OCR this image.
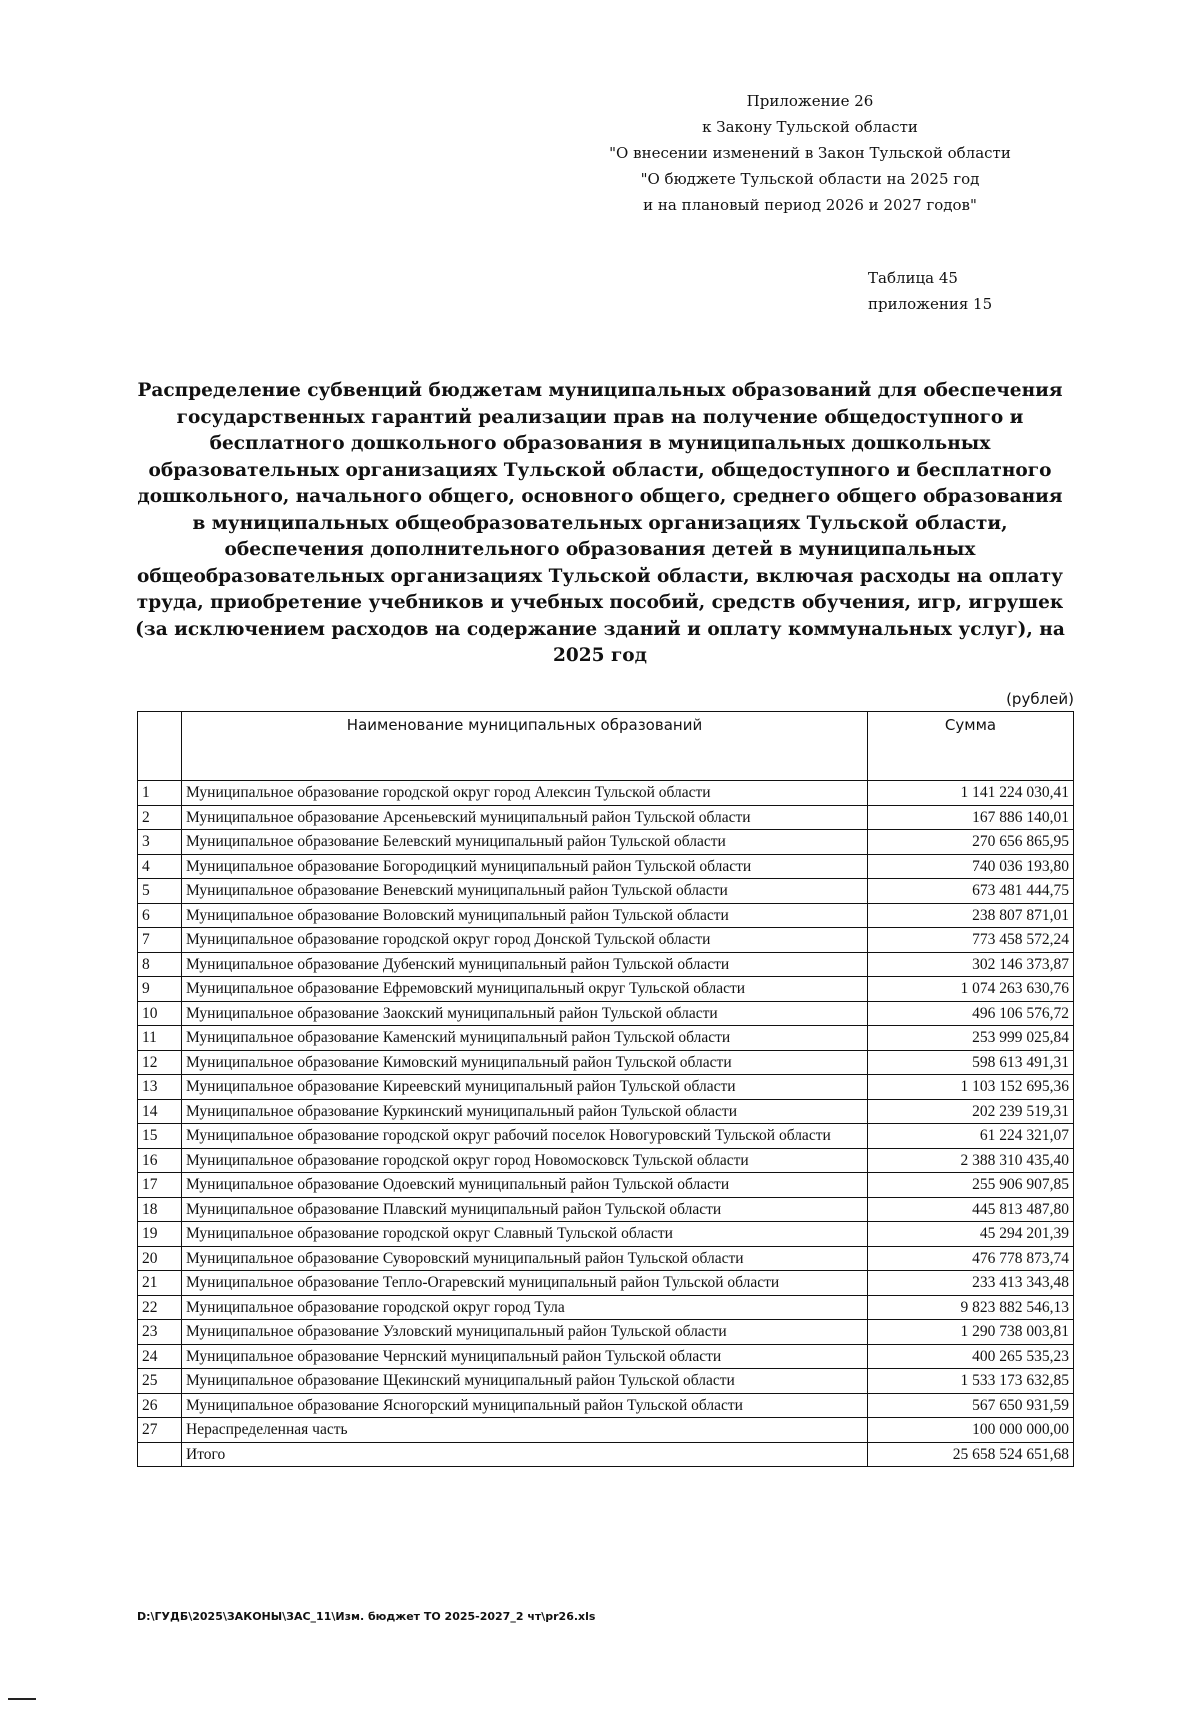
Приложение 26
к Закону Тульской области
"О внесении изменений в Закон Тульской области
"О бюджете Тульской области на 2025 год
и на плановый период 2026 и 2027 годов"
Таблица 45
приложения 15
Распределение субвенций бюджетам муниципальных образований для обеспечения государственных гарантий реализации прав на получение общедоступного и бесплатного дошкольного образования в муниципальных дошкольных образовательных организациях Тульской области, общедоступного и бесплатного дошкольного, начального общего, основного общего, среднего общего образования в муниципальных общеобразовательных организациях Тульской области, обеспечения дополнительного образования детей в муниципальных общеобразовательных организациях Тульской области, включая расходы на оплату труда, приобретение учебников и учебных пособий, средств обучения, игр, игрушек (за исключением расходов на содержание зданий и оплату коммунальных услуг), на 2025 год
(рублей)
	Наименование муниципальных образований	Сумма
1	Муниципальное образование городской округ город Алексин Тульской области	1 141 224 030,41
2	Муниципальное образование Арсеньевский муниципальный район Тульской области	167 886 140,01
3	Муниципальное образование Белевский муниципальный район Тульской области	270 656 865,95
4	Муниципальное образование Богородицкий муниципальный район Тульской области	740 036 193,80
5	Муниципальное образование Веневский муниципальный район Тульской области	673 481 444,75
6	Муниципальное образование Воловский муниципальный район Тульской области	238 807 871,01
7	Муниципальное образование городской округ город Донской Тульской области	773 458 572,24
8	Муниципальное образование Дубенский муниципальный район Тульской области	302 146 373,87
9	Муниципальное образование Ефремовский муниципальный округ Тульской области	1 074 263 630,76
10	Муниципальное образование Заокский муниципальный район Тульской области	496 106 576,72
11	Муниципальное образование Каменский муниципальный район Тульской области	253 999 025,84
12	Муниципальное образование Кимовский муниципальный район Тульской области	598 613 491,31
13	Муниципальное образование Киреевский муниципальный район Тульской области	1 103 152 695,36
14	Муниципальное образование Куркинский муниципальный район Тульской области	202 239 519,31
15	Муниципальное образование городской округ рабочий поселок Новогуровский Тульской области	61 224 321,07
16	Муниципальное образование городской округ город Новомосковск Тульской области	2 388 310 435,40
17	Муниципальное образование Одоевский муниципальный район Тульской области	255 906 907,85
18	Муниципальное образование Плавский муниципальный район Тульской области	445 813 487,80
19	Муниципальное образование городской округ Славный Тульской области	45 294 201,39
20	Муниципальное образование Суворовский муниципальный район Тульской области	476 778 873,74
21	Муниципальное образование Тепло-Огаревский муниципальный район Тульской области	233 413 343,48
22	Муниципальное образование городской округ город Тула	9 823 882 546,13
23	Муниципальное образование Узловский муниципальный район Тульской области	1 290 738 003,81
24	Муниципальное образование Чернский муниципальный район Тульской области	400 265 535,23
25	Муниципальное образование Щекинский муниципальный район Тульской области	1 533 173 632,85
26	Муниципальное образование Ясногорский муниципальный район Тульской области	567 650 931,59
27	Нераспределенная часть	100 000 000,00
	Итого	25 658 524 651,68
D:\ГУДБ\2025\ЗАКОНЫ\ЗАС_11\Изм. бюджет ТО 2025-2027_2 чт\pr26.xls
